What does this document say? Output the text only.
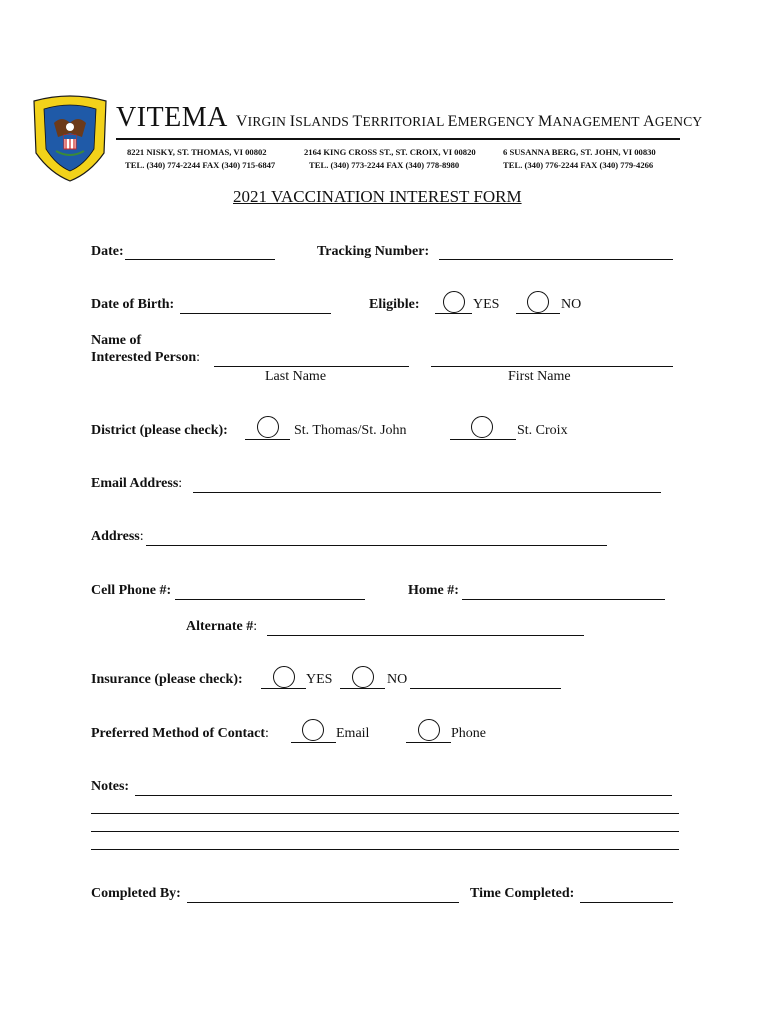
VITEMA VIRGIN ISLANDS TERRITORIAL EMERGENCY MANAGEMENT AGENCY
8221 NISKY, ST. THOMAS, VI 00802
TEL. (340) 774-2244 FAX (340) 715-6847
2164 KING CROSS ST., ST. CROIX, VI 00820
TEL. (340) 773-2244 FAX (340) 778-8980
6 SUSANNA BERG, ST. JOHN, VI 00830
TEL. (340) 776-2244 FAX (340) 779-4266
2021 VACCINATION INTEREST FORM
Date:	Tracking Number:
Date of Birth:	Eligible:	YES	NO
Name of
Interested Person:
Last Name	First Name
District (please check):	St. Thomas/St. John	St. Croix
Email Address:
Address:
Cell Phone #:	Home #:
Alternate #:
Insurance (please check):	YES	NO
Preferred Method of Contact:	Email	Phone
Notes:
Completed By:	Time Completed:
